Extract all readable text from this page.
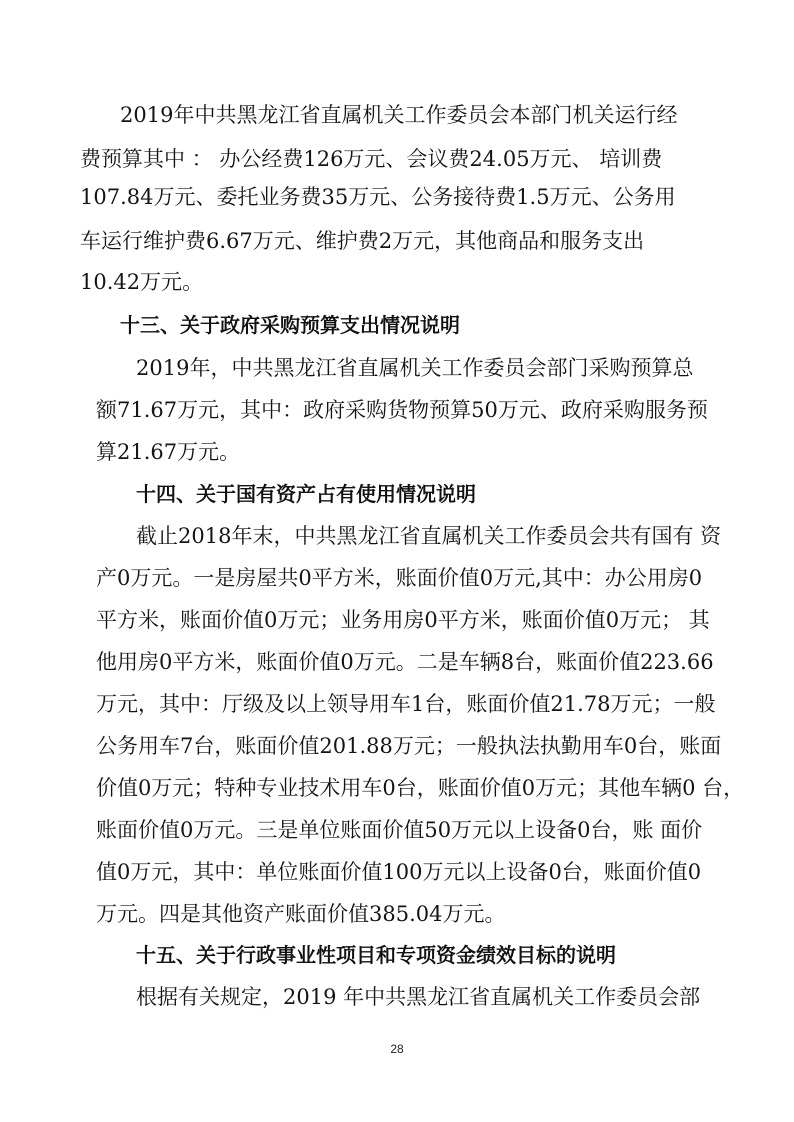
2019年中共黑龙江省直属机关工作委员会本部门机关运行经
费预算其中 ： 办公经费126万元、会议费24.05万元、 培训费
107.84万元、委托业务费35万元、公务接待费1.5万元、公务用
车运行维护费6.67万元、维护费2万元，其他商品和服务支出
10.42万元。
十三、关于政府采购预算支出情况说明
2019年，中共黑龙江省直属机关工作委员会部门采购预算总
额71.67万元，其中：政府采购货物预算50万元、政府采购服务预
算21.67万元。
十四、关于国有资产占有使用情况说明
截止2018年末，中共黑龙江省直属机关工作委员会共有国有 资
产0万元。一是房屋共0平方米，账面价值0万元,其中：办公用房0
平方米，账面价值0万元；业务用房0平方米，账面价值0万元； 其
他用房0平方米，账面价值0万元。二是车辆8台，账面价值223.66
万元，其中：厅级及以上领导用车1台，账面价值21.78万元；一般
公务用车7台，账面价值201.88万元；一般执法执勤用车0台，账面
价值0万元；特种专业技术用车0台，账面价值0万元；其他车辆0 台，
账面价值0万元。三是单位账面价值50万元以上设备0台，账 面价
值0万元，其中：单位账面价值100万元以上设备0台，账面价值0
万元。四是其他资产账面价值385.04万元。
十五、关于行政事业性项目和专项资金绩效目标的说明
根据有关规定，2019 年中共黑龙江省直属机关工作委员会部
28
